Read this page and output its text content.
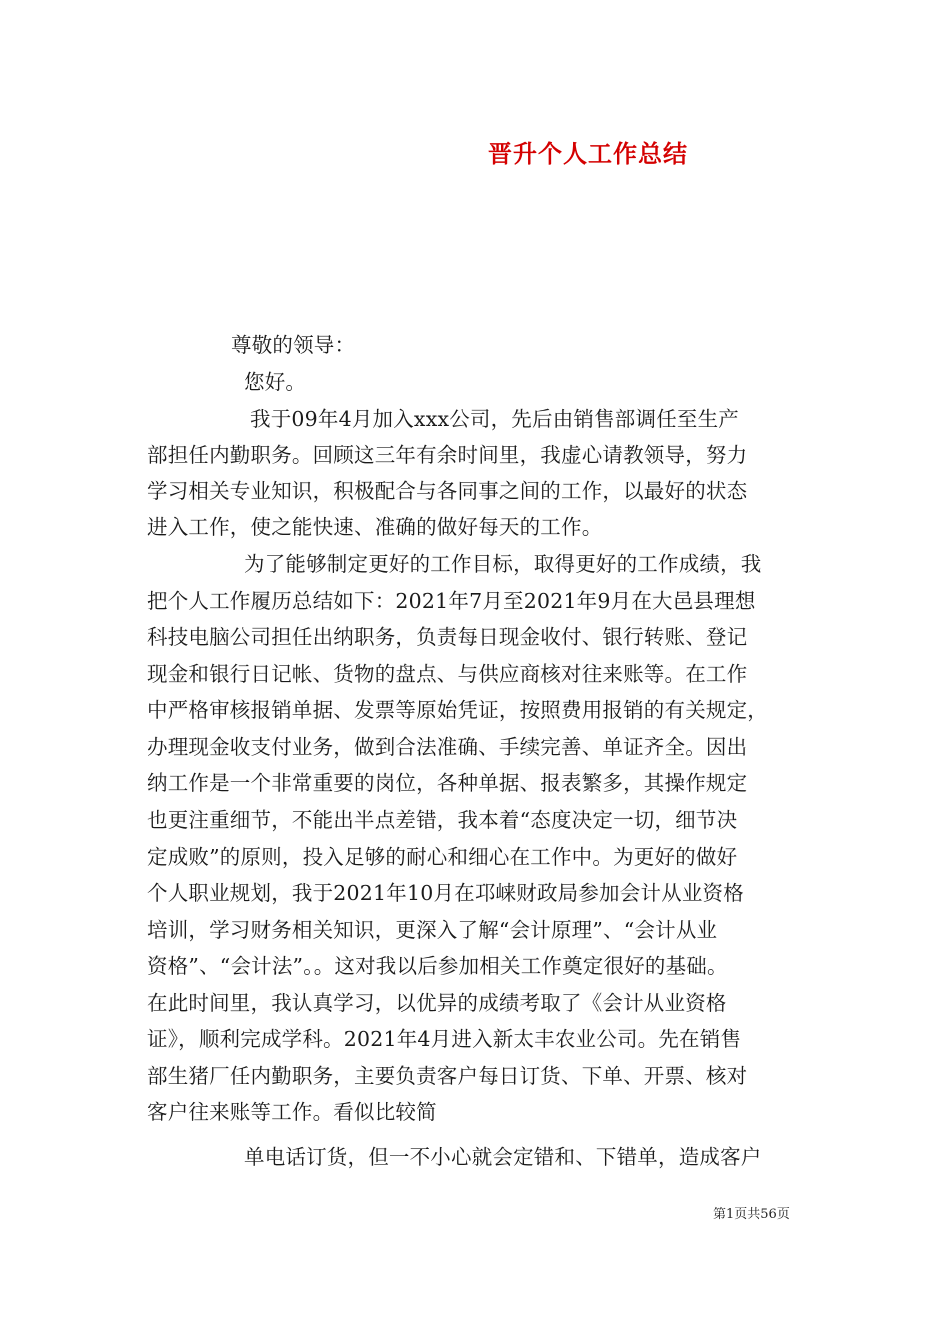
晋升个人工作总结
尊敬的领导：
您好。
我于09年4月加入xxx公司，先后由销售部调任至生产
部担任内勤职务。回顾这三年有余时间里，我虚心请教领导，努力
学习相关专业知识，积极配合与各同事之间的工作，以最好的状态
进入工作，使之能快速、准确的做好每天的工作。
为了能够制定更好的工作目标，取得更好的工作成绩，我
把个人工作履历总结如下：2021年7月至2021年9月在大邑县理想
科技电脑公司担任出纳职务，负责每日现金收付、银行转账、登记
现金和银行日记帐、货物的盘点、与供应商核对往来账等。在工作
中严格审核报销单据、发票等原始凭证，按照费用报销的有关规定，
办理现金收支付业务，做到合法准确、手续完善、单证齐全。因出
纳工作是一个非常重要的岗位，各种单据、报表繁多，其操作规定
也更注重细节，不能出半点差错，我本着“态度决定一切，细节决
定成败”的原则，投入足够的耐心和细心在工作中。为更好的做好
个人职业规划，我于2021年10月在邛崃财政局参加会计从业资格
培训，学习财务相关知识，更深入了解“会计原理”、“会计从业
资格”、“会计法”。。这对我以后参加相关工作奠定很好的基础。
在此时间里，我认真学习，以优异的成绩考取了《会计从业资格
证》，顺利完成学科。2021年4月进入新太丰农业公司。先在销售
部生猪厂任内勤职务，主要负责客户每日订货、下单、开票、核对
客户往来账等工作。看似比较简
单电话订货，但一不小心就会定错和、下错单，造成客户
第1页共56页
